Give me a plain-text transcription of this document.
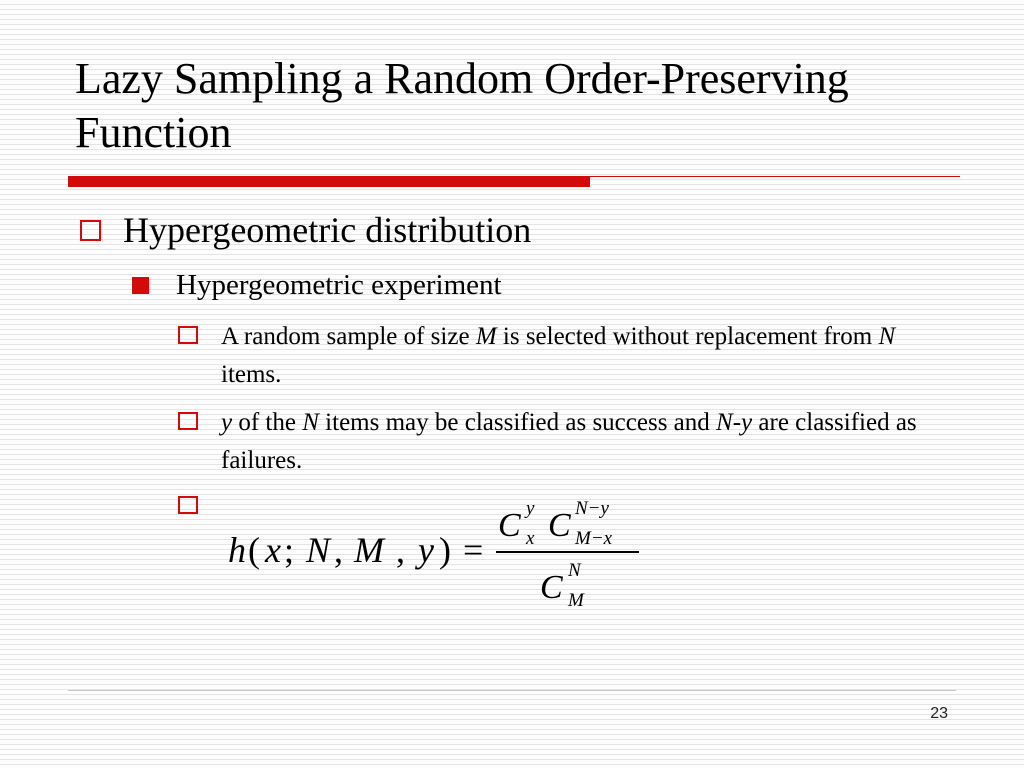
Lazy Sampling a Random Order-Preserving Function
Hypergeometric distribution
Hypergeometric experiment
A random sample of size M is selected without replacement from N items.
y of the N items may be classified as success and N-y are classified as failures.
h ( x ; N , M , y ) =
C y
x C N−y
M−x
C N
M
23
